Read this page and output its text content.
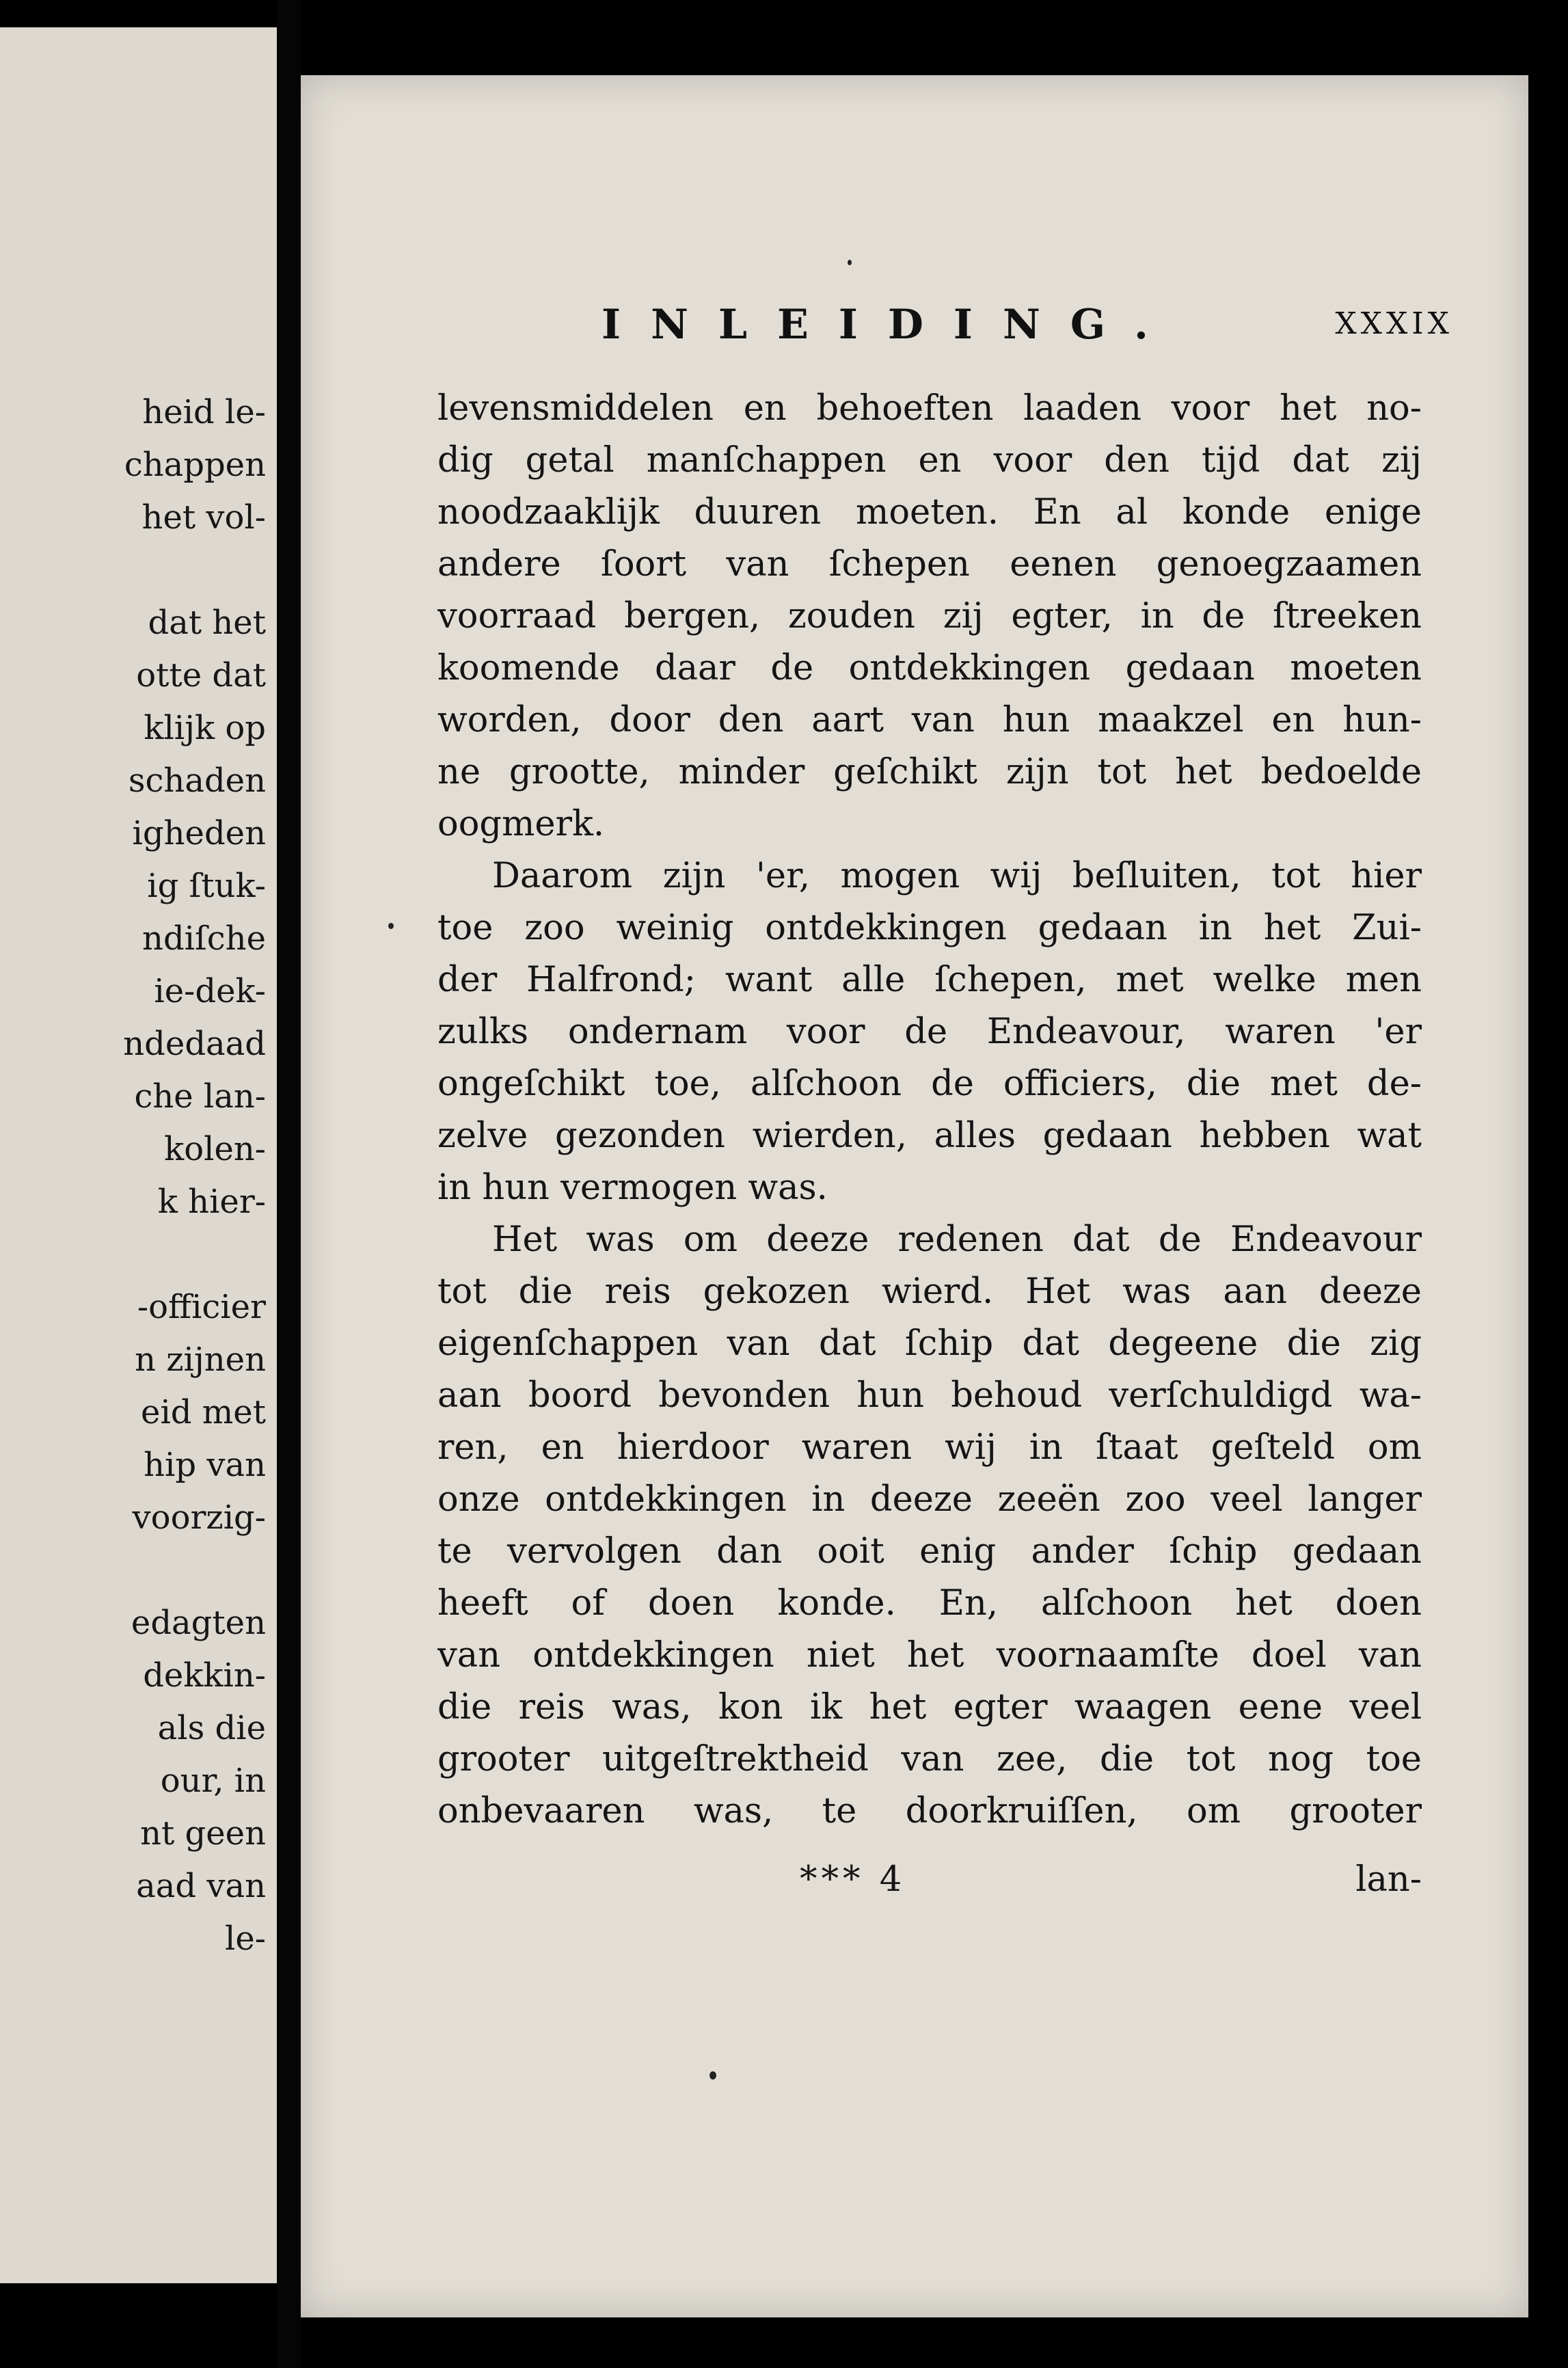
heid le-
chappen
het vol-
dat het
otte dat
klijk op
schaden
igheden
ig ſtuk-
ndiſche
ie-dek-
ndedaad
che lan-
kolen-
k hier-
-officier
n zijnen
eid met
hip van
voorzig-
edagten
dekkin-
als die
our, in
nt geen
aad van
le-
INLEIDING.	XXXIX
levensmiddelen en behoeften laaden voor het no-
dig getal manſchappen en voor den tijd dat zij
noodzaaklijk duuren moeten. En al konde enige
andere ſoort van ſchepen eenen genoegzaamen
voorraad bergen, zouden zij egter, in de ſtreeken
koomende daar de ontdekkingen gedaan moeten
worden, door den aart van hun maakzel en hun-
ne grootte, minder geſchikt zijn tot het bedoelde
oogmerk.
Daarom zijn 'er, mogen wij beſluiten, tot hier
toe zoo weinig ontdekkingen gedaan in het Zui-
der Halfrond; want alle ſchepen, met welke men
zulks ondernam voor de Endeavour, waren 'er
ongeſchikt toe, alſchoon de officiers, die met de-
zelve gezonden wierden, alles gedaan hebben wat
in hun vermogen was.
Het was om deeze redenen dat de Endeavour
tot die reis gekozen wierd. Het was aan deeze
eigenſchappen van dat ſchip dat degeene die zig
aan boord bevonden hun behoud verſchuldigd wa-
ren, en hierdoor waren wij in ſtaat geſteld om
onze ontdekkingen in deeze zeeën zoo veel langer
te vervolgen dan ooit enig ander ſchip gedaan
heeft of doen konde. En, alſchoon het doen
van ontdekkingen niet het voornaamſte doel van
die reis was, kon ik het egter waagen eene veel
grooter uitgeſtrektheid van zee, die tot nog toe
onbevaaren was, te doorkruiſſen, om grooter
*** 4	lan-
